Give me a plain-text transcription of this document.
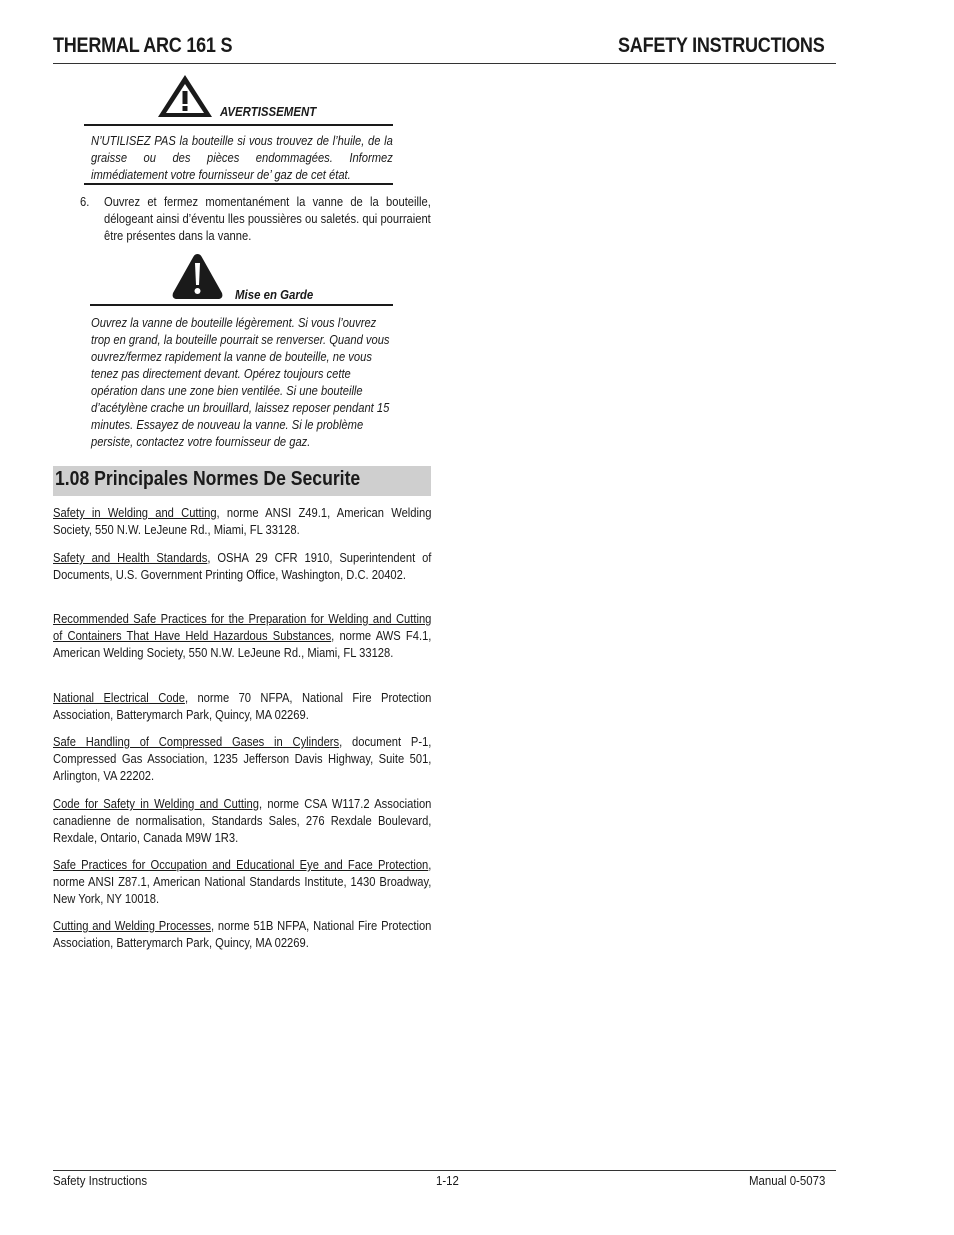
THERMAL ARC 161 S	SAFETY INSTRUCTIONS
AVERTISSEMENT
N’UTILISEZ PAS la bouteille si vous trouvez de l’huile, de la graisse ou des pièces endommagées. Informez immédiatement votre fournisseur de’ gaz de cet état.
6. Ouvrez et fermez momentanément la vanne de la bouteille, délogeant ainsi d’éventu lles poussières ou saletés. qui pourraient être présentes dans la vanne.
Mise en Garde
Ouvrez la vanne de bouteille légèrement. Si vous l’ouvrez trop en grand, la bouteille pourrait se renverser. Quand vous ouvrez/fermez rapidement la vanne de bouteille, ne vous tenez pas directement devant. Opérez toujours cette opération dans une zone bien ventilée. Si une bouteille d’acétylène crache un brouillard, laissez reposer pendant 15 minutes. Essayez de nouveau la vanne. Si le problème persiste, contactez votre fournisseur de gaz.
1.08 Principales Normes De Securite
Safety in Welding and Cutting, norme ANSI Z49.1, American Welding Society, 550 N.W. LeJeune Rd., Miami, FL 33128.
Safety and Health Standards, OSHA 29 CFR 1910, Superintendent of Documents, U.S. Government Printing Office, Washington, D.C. 20402.
Recommended Safe Practices for the Preparation for Welding and Cutting of Containers That Have Held Hazardous Substances, norme AWS F4.1, American Welding Society, 550 N.W. LeJeune Rd., Miami, FL 33128.
National Electrical Code, norme 70 NFPA, National Fire Protection Association, Batterymarch Park, Quincy, MA 02269.
Safe Handling of Compressed Gases in Cylinders, document P-1, Compressed Gas Association, 1235 Jefferson Davis Highway, Suite 501, Arlington, VA 22202.
Code for Safety in Welding and Cutting, norme CSA W117.2 Association canadienne de normalisation, Standards Sales, 276 Rexdale Boulevard, Rexdale, Ontario, Canada M9W 1R3.
Safe Practices for Occupation and Educational Eye and Face Protection, norme ANSI Z87.1, American National Standards Institute, 1430 Broadway, New York, NY 10018.
Cutting and Welding Processes, norme 51B NFPA, National Fire Protection Association, Batterymarch Park, Quincy, MA 02269.
Safety Instructions	1-12	Manual 0-5073
